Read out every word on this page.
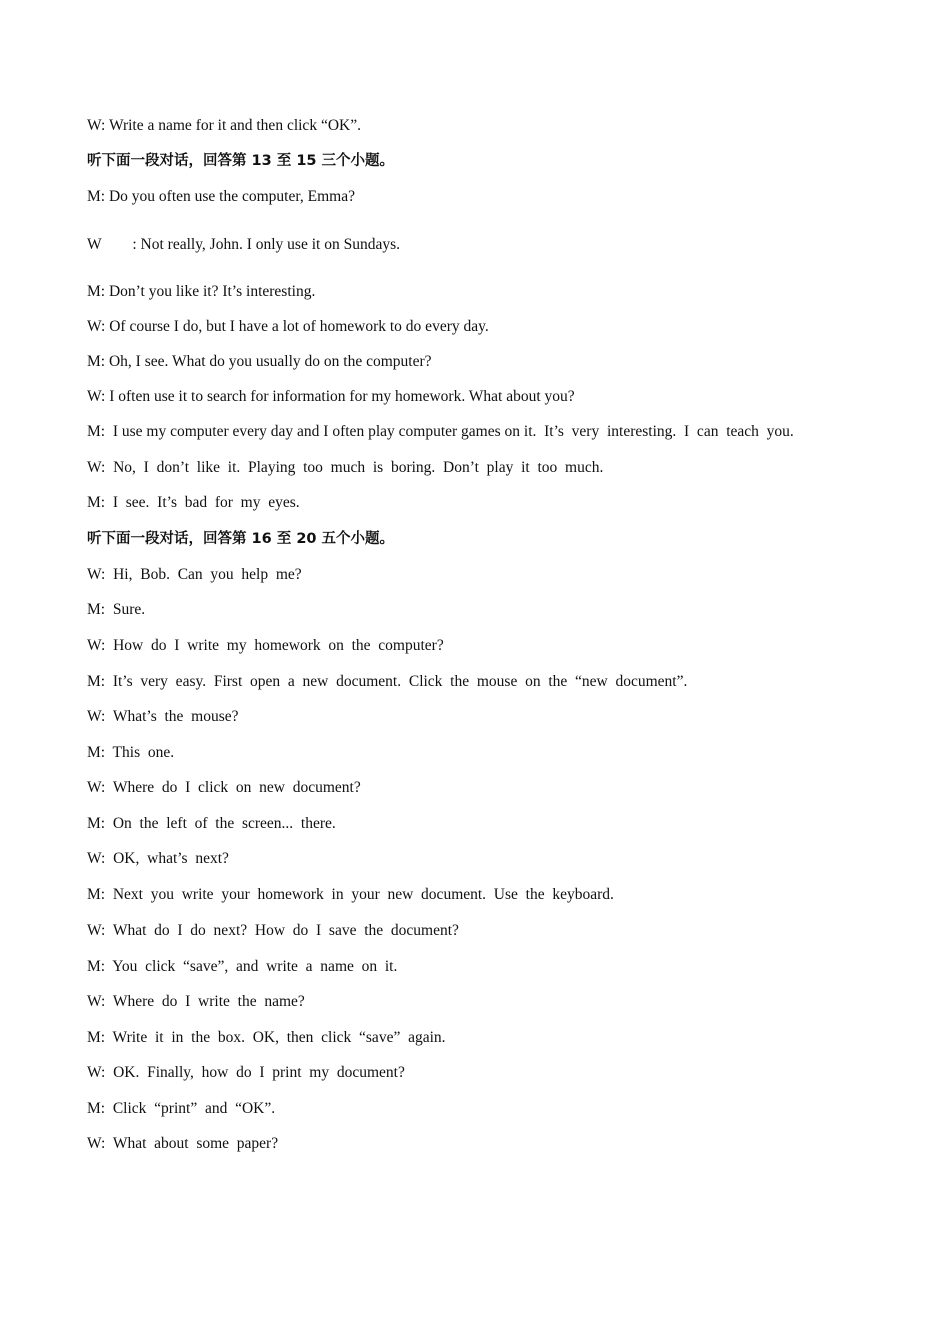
W: Write a name for it and then click “OK”.

听下面一段对话，回答第 13 至 15 三个小题。

M: Do you often use the computer, Emma?

W        : Not really, John. I only use it on Sundays.

M: Don’t you like it? It’s interesting.

W: Of course I do, but I have a lot of homework to do every day.

M: Oh, I see. What do you usually do on the computer?

W: I often use it to search for information for my homework. What about you?

M:  I use my computer every day and I often play computer games on it.  It’s  very  interesting.  I  can  teach  you.

W:  No,  I  don’t  like  it.  Playing  too  much  is  boring.  Don’t  play  it  too  much.

M:  I  see.  It’s  bad  for  my  eyes.

听下面一段对话，回答第 16 至 20 五个小题。

W:  Hi,  Bob.  Can  you  help  me?

M:  Sure.

W:  How  do  I  write  my  homework  on  the  computer?

M:  It’s  very  easy.  First  open  a  new  document.  Click  the  mouse  on  the  “new  document”.

W:  What’s  the  mouse?

M:  This  one.

W:  Where  do  I  click  on  new  document?

M:  On  the  left  of  the  screen...  there.

W:  OK,  what’s  next?

M:  Next  you  write  your  homework  in  your  new  document.  Use  the  keyboard.

W:  What  do  I  do  next?  How  do  I  save  the  document?

M:  You  click  “save”,  and  write  a  name  on  it.

W:  Where  do  I  write  the  name?

M:  Write  it  in  the  box.  OK,  then  click  “save”  again.

W:  OK.  Finally,  how  do  I  print  my  document?

M:  Click  “print”  and  “OK”.

W:  What  about  some  paper?
